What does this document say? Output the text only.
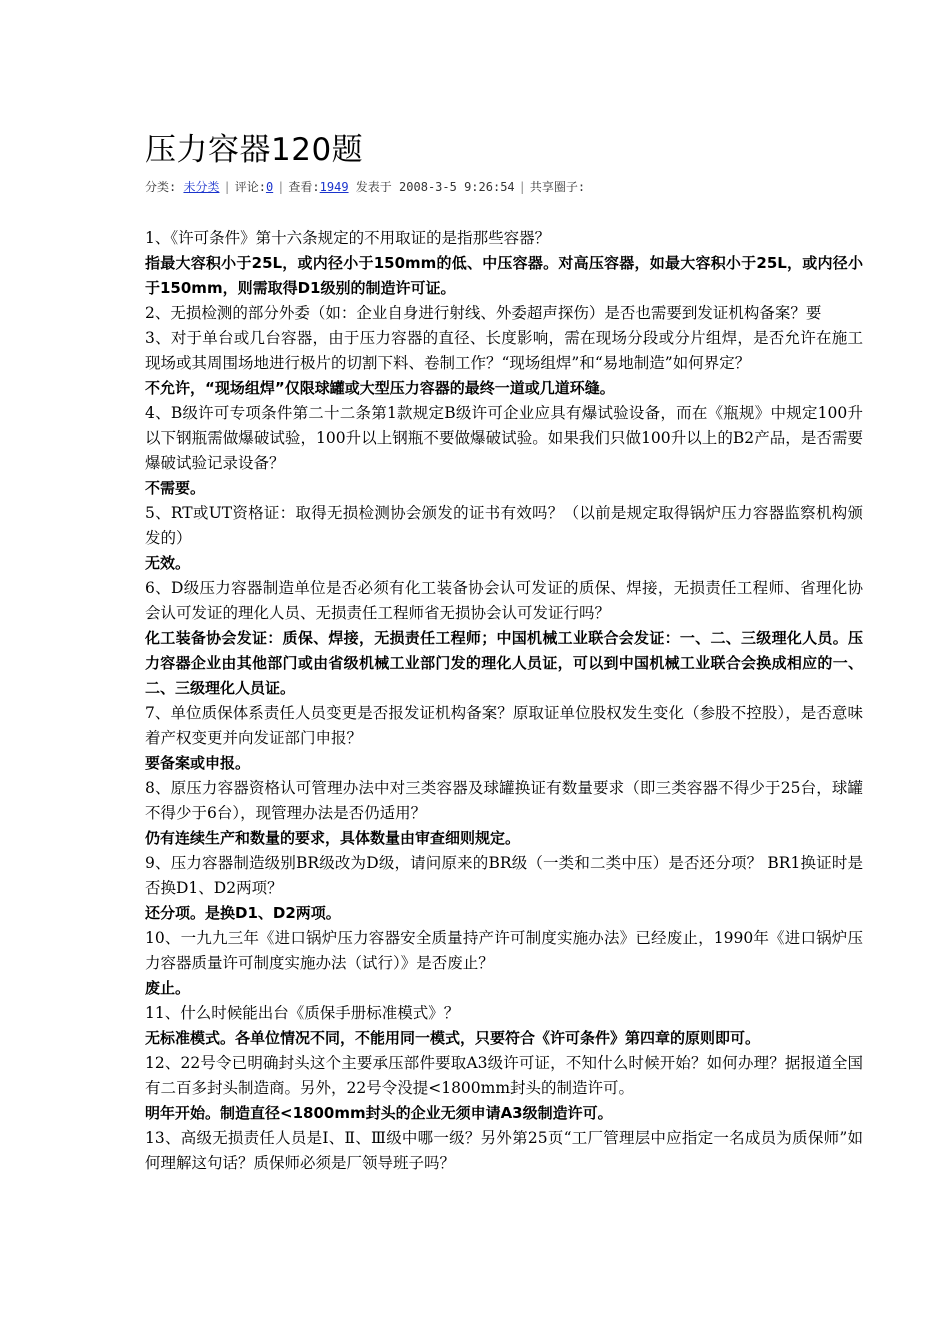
压力容器120题
分类: 未分类 | 评论:0 | 查看:1949 发表于 2008-3-5 9:26:54 | 共享圈子:

1、《许可条件》第十六条规定的不用取证的是指那些容器？

指最大容积小于25L，或内径小于150mm的低、中压容器。对高压容器，如最大容积小于25L，或内径小于150mm，则需取得D1级别的制造许可证。

2、无损检测的部分外委（如：企业自身进行射线、外委超声探伤）是否也需要到发证机构备案？要

3、对于单台或几台容器，由于压力容器的直径、长度影响，需在现场分段或分片组焊，是否允许在施工现场或其周围场地进行极片的切割下料、卷制工作？“现场组焊”和“易地制造”如何界定？

不允许，“现场组焊”仅限球罐或大型压力容器的最终一道或几道环缝。

4、B级许可专项条件第二十二条第1款规定B级许可企业应具有爆试验设备，而在《瓶规》中规定100升以下钢瓶需做爆破试验，100升以上钢瓶不要做爆破试验。如果我们只做100升以上的B2产品，是否需要爆破试验记录设备？

不需要。

5、RT或UT资格证：取得无损检测协会颁发的证书有效吗？（以前是规定取得锅炉压力容器监察机构颁发的）

无效。

6、D级压力容器制造单位是否必须有化工装备协会认可发证的质保、焊接，无损责任工程师、省理化协会认可发证的理化人员、无损责任工程师省无损协会认可发证行吗？

化工装备协会发证：质保、焊接，无损责任工程师；中国机械工业联合会发证：一、二、三级理化人员。压力容器企业由其他部门或由省级机械工业部门发的理化人员证，可以到中国机械工业联合会换成相应的一、二、三级理化人员证。

7、单位质保体系责任人员变更是否报发证机构备案？原取证单位股权发生变化（参股不控股），是否意味着产权变更并向发证部门申报？

要备案或申报。

8、原压力容器资格认可管理办法中对三类容器及球罐换证有数量要求（即三类容器不得少于25台，球罐不得少于6台），现管理办法是否仍适用？

仍有连续生产和数量的要求，具体数量由审查细则规定。

9、压力容器制造级别BR级改为D级，请问原来的BR级（一类和二类中压）是否还分项？ BR1换证时是否换D1、D2两项？

还分项。是换D1、D2两项。

10、一九九三年《进口锅炉压力容器安全质量持产许可制度实施办法》已经废止，1990年《进口锅炉压力容器质量许可制度实施办法（试行）》是否废止？

废止。

11、什么时候能出台《质保手册标准模式》？

无标准模式。各单位情况不同，不能用同一模式，只要符合《许可条件》第四章的原则即可。

12、22号令已明确封头这个主要承压部件要取A3级许可证，不知什么时候开始？如何办理？据报道全国有二百多封头制造商。另外，22号令没提<1800mm封头的制造许可。

明年开始。制造直径<1800mm封头的企业无须申请A3级制造许可。

13、高级无损责任人员是Ⅰ、Ⅱ、Ⅲ级中哪一级？另外第25页“工厂管理层中应指定一名成员为质保师”如何理解这句话？质保师必须是厂领导班子吗？
